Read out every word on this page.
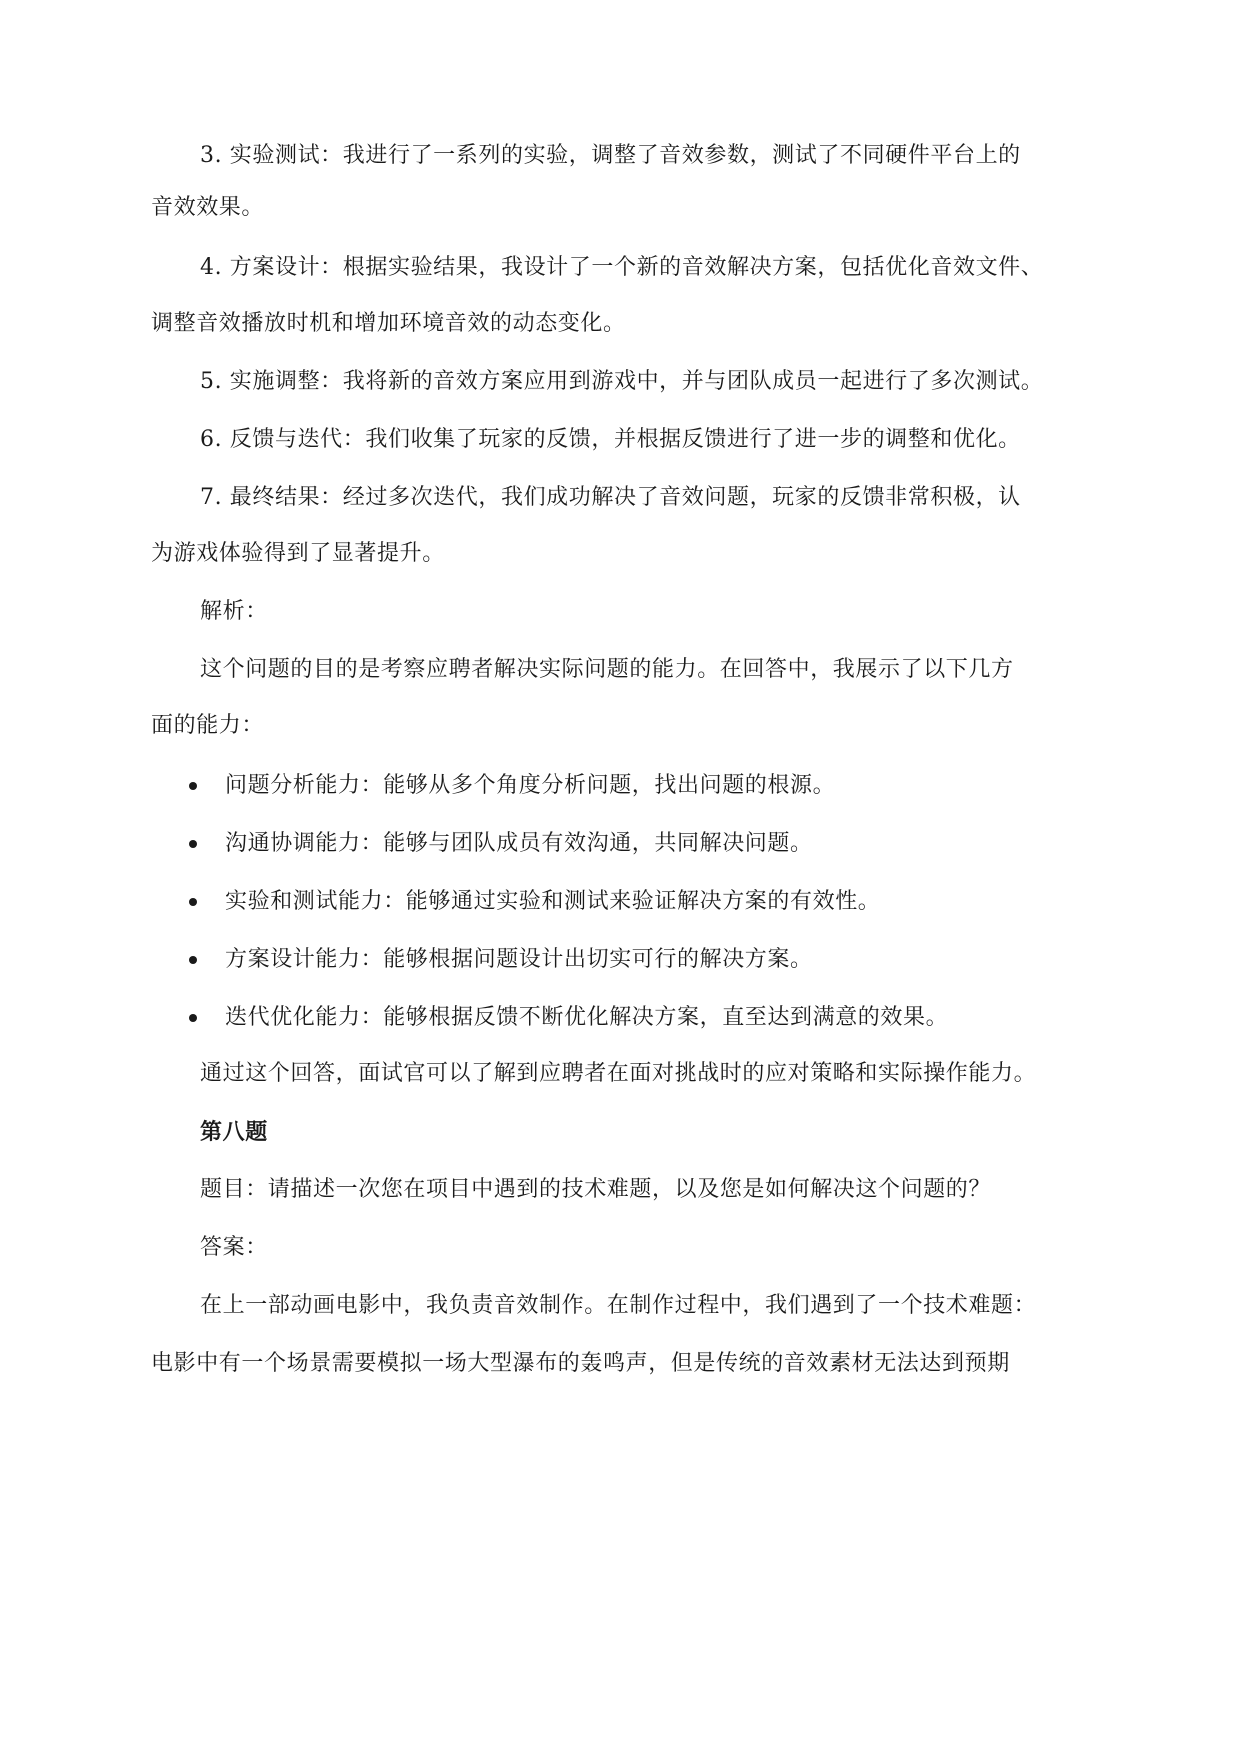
3. 实验测试：我进行了一系列的实验，调整了音效参数，测试了不同硬件平台上的
音效效果。
4. 方案设计：根据实验结果，我设计了一个新的音效解决方案，包括优化音效文件、
调整音效播放时机和增加环境音效的动态变化。
5. 实施调整：我将新的音效方案应用到游戏中，并与团队成员一起进行了多次测试。
6. 反馈与迭代：我们收集了玩家的反馈，并根据反馈进行了进一步的调整和优化。
7. 最终结果：经过多次迭代，我们成功解决了音效问题，玩家的反馈非常积极，认
为游戏体验得到了显著提升。
解析：
这个问题的目的是考察应聘者解决实际问题的能力。在回答中，我展示了以下几方
面的能力：
问题分析能力：能够从多个角度分析问题，找出问题的根源。
沟通协调能力：能够与团队成员有效沟通，共同解决问题。
实验和测试能力：能够通过实验和测试来验证解决方案的有效性。
方案设计能力：能够根据问题设计出切实可行的解决方案。
迭代优化能力：能够根据反馈不断优化解决方案，直至达到满意的效果。
通过这个回答，面试官可以了解到应聘者在面对挑战时的应对策略和实际操作能力。
第八题
题目：请描述一次您在项目中遇到的技术难题，以及您是如何解决这个问题的？
答案：
在上一部动画电影中，我负责音效制作。在制作过程中，我们遇到了一个技术难题：
电影中有一个场景需要模拟一场大型瀑布的轰鸣声，但是传统的音效素材无法达到预期
